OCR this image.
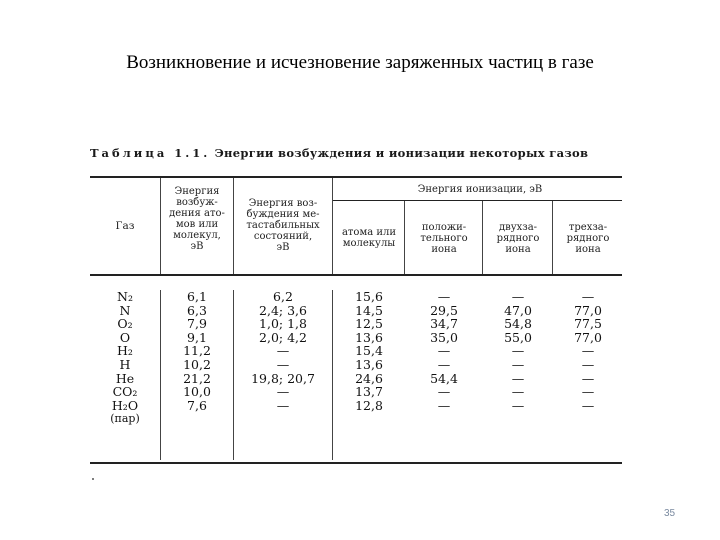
Возникновение и исчезновение заряженных частиц в газе
Таблица 1.1. Энергии возбуждения и ионизации некоторых газов
Газ
Энергия
возбуж-
дения ато-
мов или
молекул,
эВ
Энергия воз-
буждения ме-
тастабильных
состояний,
эВ
Энергия ионизации, эВ
атома или
молекулы
положи-
тельного
иона
двухза-
рядного
иона
трехза-
рядного
иона
N₂
N
O₂
O
H₂
H
He
CO₂
H₂O
(пар)
6,1
6,3
7,9
9,1
11,2
10,2
21,2
10,0
7,6
6,2
2,4; 3,6
1,0; 1,8
2,0; 4,2
—
—
19,8; 20,7
—
—
15,6
14,5
12,5
13,6
15,4
13,6
24,6
13,7
12,8
—
29,5
34,7
35,0
—
—
54,4
—
—
—
47,0
54,8
55,0
—
—
—
—
—
—
77,0
77,5
77,0
—
—
—
—
—
35
